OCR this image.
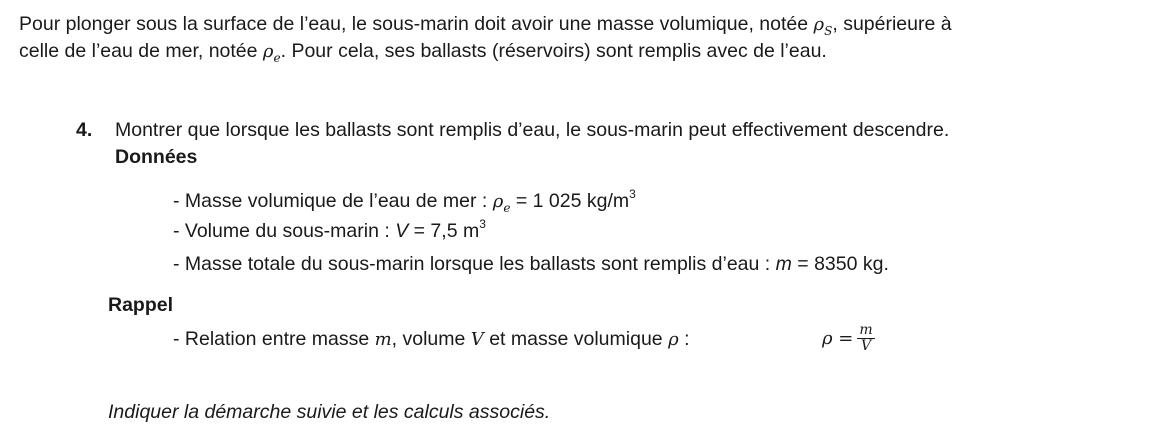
Pour plonger sous la surface de l’eau, le sous-marin doit avoir une masse volumique, notée $\rho_S$, supérieure à
celle de l’eau de mer, notée $\rho_e$. Pour cela, ses ballasts (réservoirs) sont remplis avec de l’eau.
4. Montrer que lorsque les ballasts sont remplis d’eau, le sous-marin peut effectivement descendre.
Données
- Masse volumique de l’eau de mer : $\rho_e = 1$ 025 $kg/m^3$
- Volume du sous-marin : V = 7,5 $m^3$
- Masse totale du sous-marin lorsque les ballasts sont remplis d’eau : m = 8350 kg.
Rappel
- Relation entre masse m, volume V et masse volumique ρ :	$\rho = \frac{m}{V}$
Indiquer la démarche suivie et les calculs associés.
